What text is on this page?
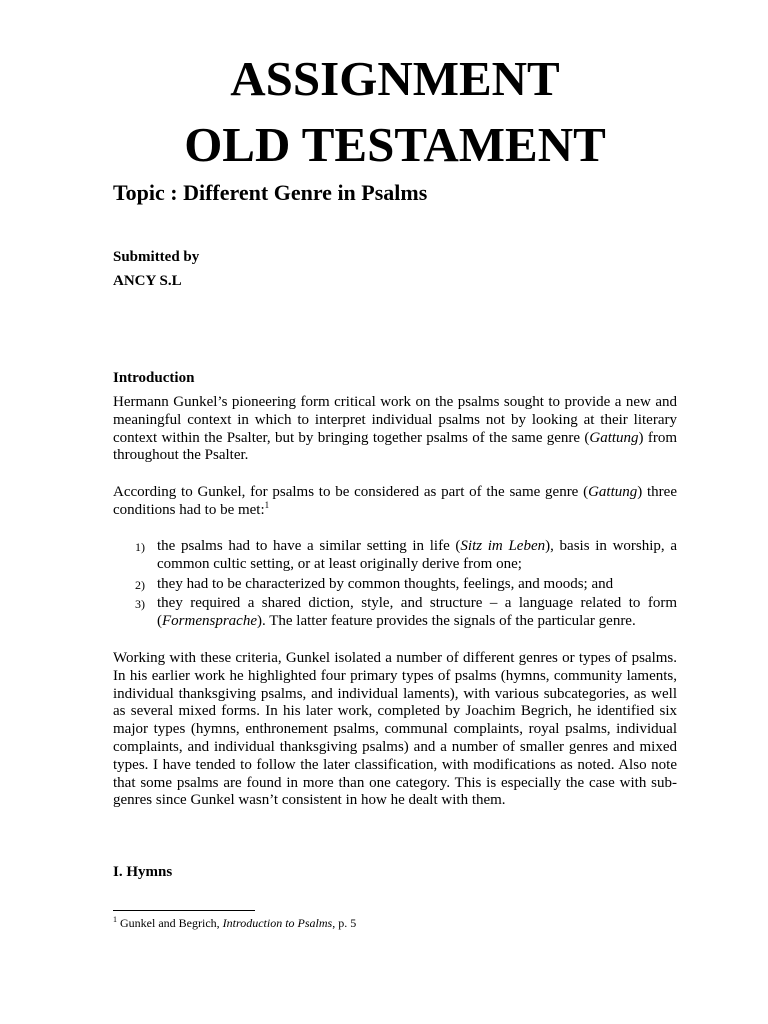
ASSIGNMENT
OLD TESTAMENT
Topic : Different Genre in Psalms

Submitted by

ANCY S.L

Introduction

Hermann Gunkel’s pioneering form critical work on the psalms sought to provide a new and meaningful context in which to interpret individual psalms not by looking at their literary context within the Psalter, but by bringing together psalms of the same genre (Gattung) from throughout the Psalter.

According to Gunkel, for psalms to be considered as part of the same genre (Gattung) three conditions had to be met:$^1$

1) the psalms had to have a similar setting in life (Sitz im Leben), basis in worship, a common cultic setting, or at least originally derive from one;
2) they had to be characterized by common thoughts, feelings, and moods; and
3) they required a shared diction, style, and structure – a language related to form (Formensprache). The latter feature provides the signals of the particular genre.

Working with these criteria, Gunkel isolated a number of different genres or types of psalms. In his earlier work he highlighted four primary types of psalms (hymns, community laments, individual thanksgiving psalms, and individual laments), with various subcategories, as well as several mixed forms. In his later work, completed by Joachim Begrich, he identified six major types (hymns, enthronement psalms, communal complaints, royal psalms, individual complaints, and individual thanksgiving psalms) and a number of smaller genres and mixed types. I have tended to follow the later classification, with modifications as noted. Also note that some psalms are found in more than one category. This is especially the case with sub-genres since Gunkel wasn’t consistent in how he dealt with them.

I. Hymns

$^1$ Gunkel and Begrich, Introduction to Psalms, p. 5
